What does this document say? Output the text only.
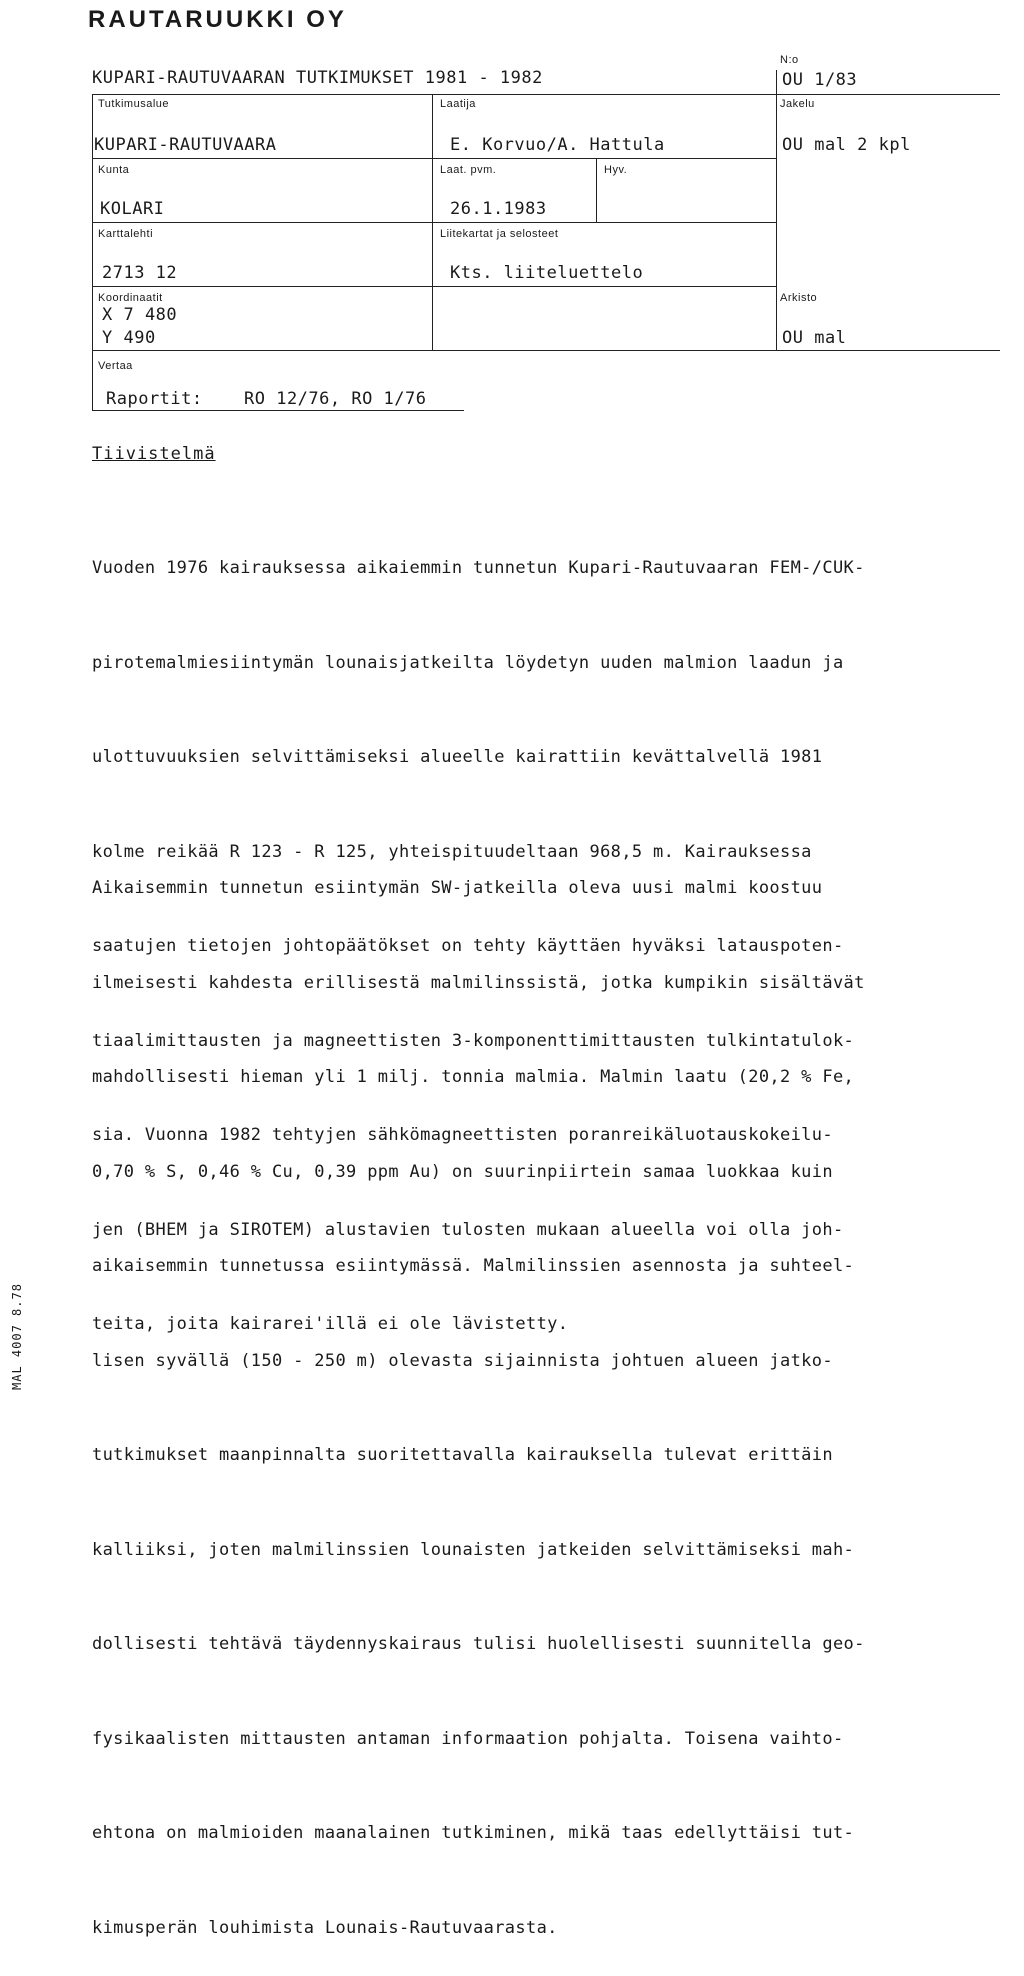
RAUTARUUKKI OY
KUPARI-RAUTUVAARAN TUTKIMUKSET 1981 - 1982
N:o
OU 1/83
Tutkimusalue
KUPARI-RAUTUVAARA
Laatija
E. Korvuo/A. Hattula
Jakelu
OU mal 2 kpl
Kunta
KOLARI
Laat. pvm.
26.1.1983
Hyv.
Karttalehti
2713 12
Liitekartat ja selosteet
Kts. liiteluettelo
Koordinaatit
X 7 480
Y 490
Arkisto
OU mal
Vertaa
Raportit: RO 12/76, RO 1/76
Tiivistelmä

Vuoden 1976 kairauksessa aikaiemmin tunnetun Kupari-Rautuvaaran FEM-/CUK-

pirotemalmiesiintymän lounaisjatkeilta löydetyn uuden malmion laadun ja

ulottuvuuksien selvittämiseksi alueelle kairattiin kevättalvellä 1981

kolme reikää R 123 - R 125, yhteispituudeltaan 968,5 m. Kairauksessa

saatujen tietojen johtopäätökset on tehty käyttäen hyväksi latauspoten-

tiaalimittausten ja magneettisten 3-komponenttimittausten tulkintatulok-

sia. Vuonna 1982 tehtyjen sähkömagneettisten poranreikäluotauskokeilu-

jen (BHEM ja SIROTEM) alustavien tulosten mukaan alueella voi olla joh-

teita, joita kairarei'illä ei ole lävistetty.

Aikaisemmin tunnetun esiintymän SW-jatkeilla oleva uusi malmi koostuu

ilmeisesti kahdesta erillisestä malmilinssistä, jotka kumpikin sisältävät

mahdollisesti hieman yli 1 milj. tonnia malmia. Malmin laatu (20,2 % Fe,

0,70 % S, 0,46 % Cu, 0,39 ppm Au) on suurinpiirtein samaa luokkaa kuin

aikaisemmin tunnetussa esiintymässä. Malmilinssien asennosta ja suhteel-

lisen syvällä (150 - 250 m) olevasta sijainnista johtuen alueen jatko-

tutkimukset maanpinnalta suoritettavalla kairauksella tulevat erittäin

kalliiksi, joten malmilinssien lounaisten jatkeiden selvittämiseksi mah-

dollisesti tehtävä täydennyskairaus tulisi huolellisesti suunnitella geo-

fysikaalisten mittausten antaman informaation pohjalta. Toisena vaihto-

ehtona on malmioiden maanalainen tutkiminen, mikä taas edellyttäisi tut-

kimusperän louhimista Lounais-Rautuvaarasta.

MAL 4007 8.78
